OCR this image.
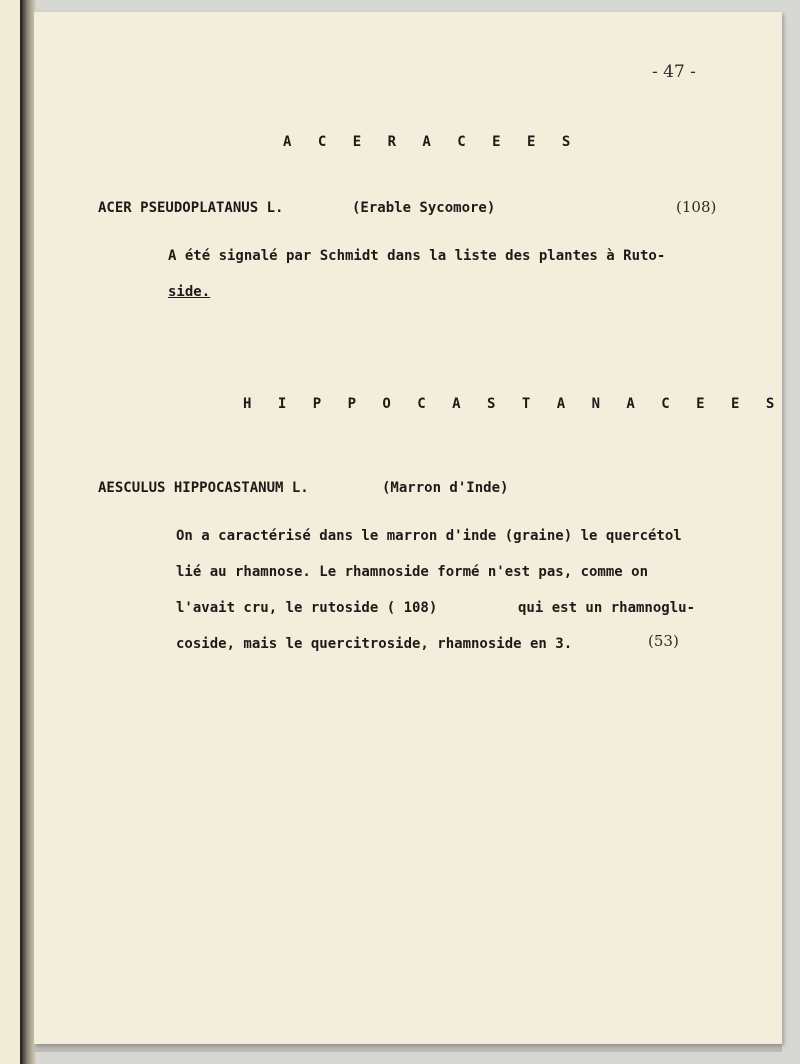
- 47 -
A C E R A C E E S
ACER PSEUDOPLATANUS L.	(Erable Sycomore)	(108)
A été signalé par Schmidt dans la liste des plantes à Ruto-
side.
H I P P O C A S T A N A C E E S
AESCULUS HIPPOCASTANUM L.	(Marron d'Inde)
On a caractérisé dans le marron d'inde (graine) le quercétol
lié au rhamnose. Le rhamnoside formé n'est pas, comme on
l'avait cru, le rutoside ( 108)	qui est un rhamnoglu-
coside, mais le quercitroside, rhamnoside en 3.	(53)
